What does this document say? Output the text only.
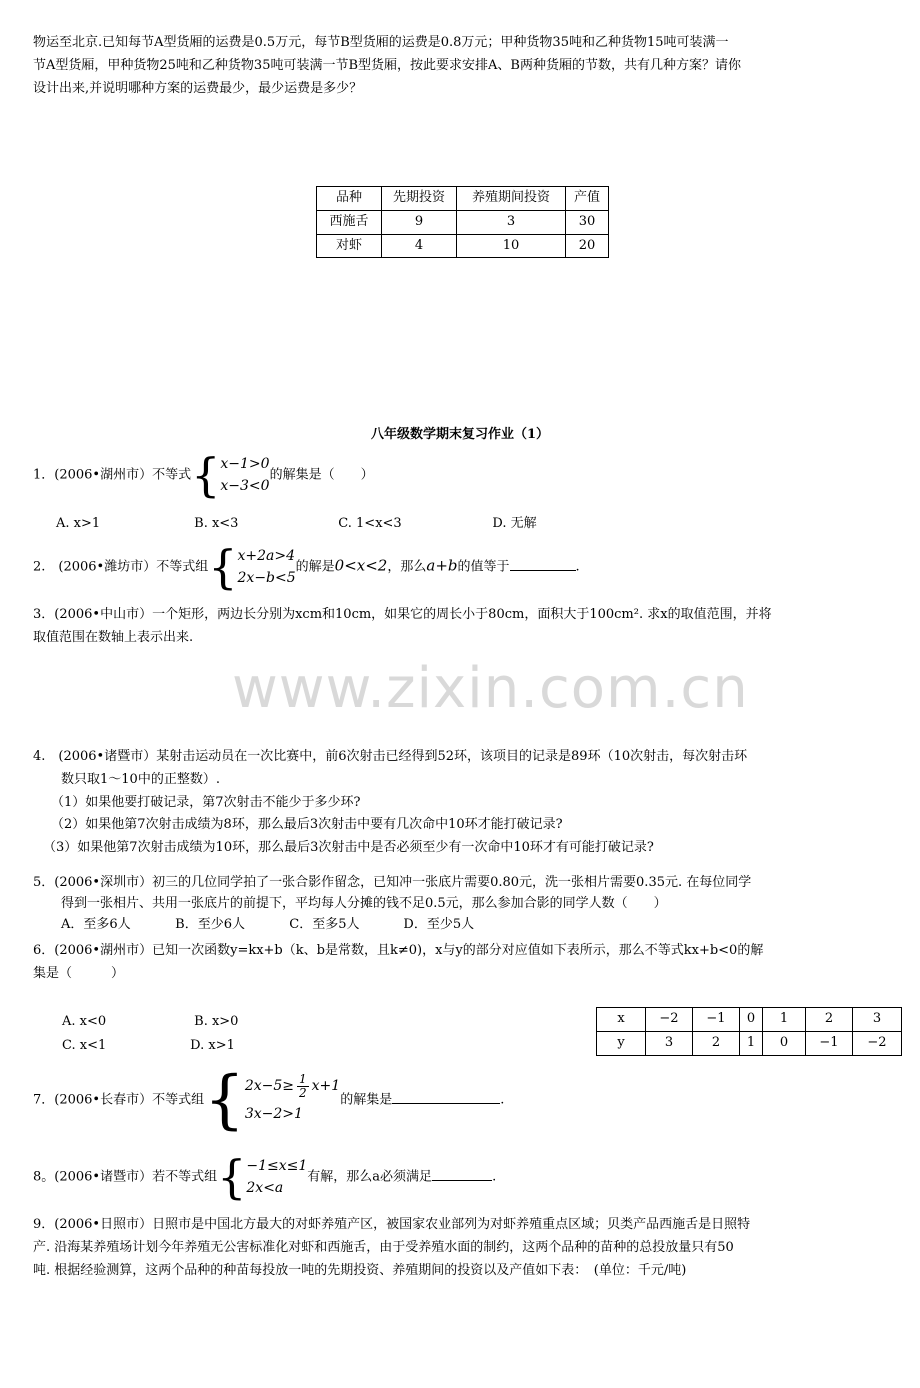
物运至北京.已知每节A型货厢的运费是0.5万元，每节B型货厢的运费是0.8万元；甲种货物35吨和乙种货物15吨可装满一

节A型货厢，甲种货物25吨和乙种货物35吨可装满一节B型货厢，按此要求安排A、B两种货厢的节数，共有几种方案？请你

设计出来,并说明哪种方案的运费最少，最少运费是多少？

品种	先期投资	养殖期间投资	产值
西施舌	9	3	30
对虾	4	10	20
八年级数学期末复习作业（1）
1．(2006•湖州市）不等式 { x−1>0
x−3<0
的解集是（　　）
A. x>1	B. x<3	C. 1<x<3	D. 无解
2.　(2006•潍坊市）不等式组 { x+2a>4
2x−b<5
的解是0<x<2，那么a+b的值等于	.

3．(2006•中山市）一个矩形，两边长分别为xcm和10cm，如果它的周长小于80cm，面积大于100cm². 求x的取值范围，并将

取值范围在数轴上表示出来.

www.zixin.com.cn

4.　(2006•诸暨市）某射击运动员在一次比赛中，前6次射击已经得到52环，该项目的记录是89环（10次射击，每次射击环

数只取1～10中的正整数）.

（1）如果他要打破记录，第7次射击不能少于多少环?

（2）如果他第7次射击成绩为8环，那么最后3次射击中要有几次命中10环才能打破记录?

（3）如果他第7次射击成绩为10环，那么最后3次射击中是否必须至少有一次命中10环才有可能打破记录?

5．(2006•深圳市）初三的几位同学拍了一张合影作留念，已知冲一张底片需要0.80元，洗一张相片需要0.35元. 在每位同学

得到一张相片、共用一张底片的前提下，平均每人分摊的钱不足0.5元，那么参加合影的同学人数（　　）

A．至多6人	B．至少6人	C．至多5人	D．至少5人

6．(2006•湖州市）已知一次函数y=kx+b（k、b是常数，且k≠0)，x与y的部分对应值如下表所示，那么不等式kx+b<0的解

集是（　　　）

A. x<0	B. x>0
C. x<1	D. x>1
x	−2	−1	0	1	2	3
y	3	2	1	0	−1	−2
7．(2006•长春市）不等式组 { $2x-5\ge \frac{1}{2} x+1$
3x−2>1
的解集是	.
8。(2006•诸暨市）若不等式组 { −1≤x≤1
2x<a
有解，那么a必须满足	.

9．(2006•日照市）日照市是中国北方最大的对虾养殖产区，被国家农业部列为对虾养殖重点区域；贝类产品西施舌是日照特

产. 沿海某养殖场计划今年养殖无公害标准化对虾和西施舌，由于受养殖水面的制约，这两个品种的苗种的总投放量只有50

吨. 根据经验测算，这两个品种的种苗每投放一吨的先期投资、养殖期间的投资以及产值如下表：　(单位：千元/吨)
